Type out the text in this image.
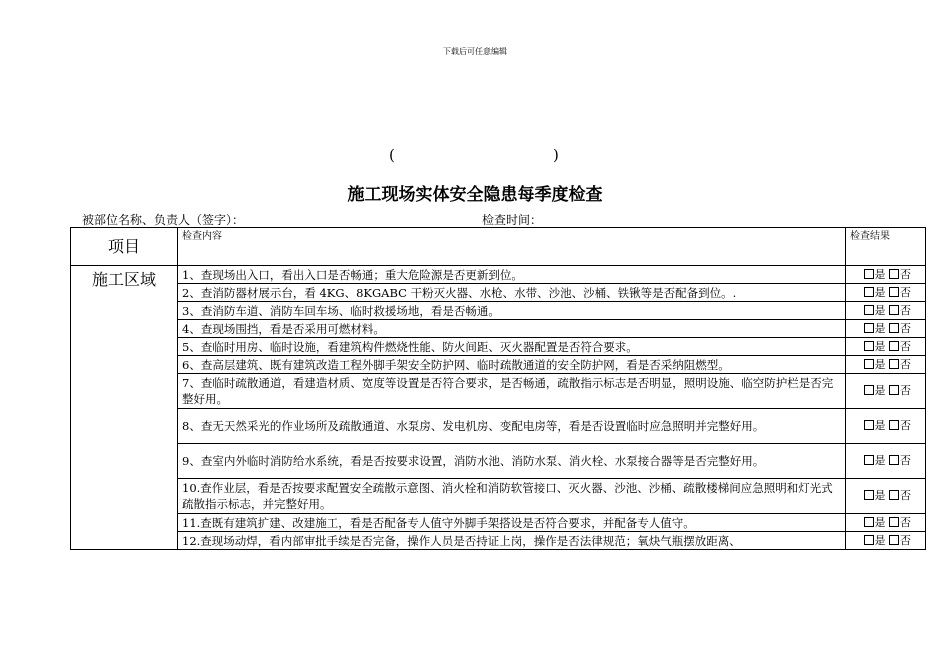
下载后可任意编辑
(	)
施工现场实体安全隐患每季度检查
被部位名称、负责人（签字）：	检查时间：
项目	检查内容	检查结果
施工区域	1、查现场出入口，看出入口是否畅通；重大危险源是否更新到位。	是 否
	2、查消防器材展示台，看 4KG、8KGABC 干粉灭火器、水枪、水带、沙池、沙桶、铁锹等是否配备到位。.	是 否
	3、查消防车道、消防车回车场、临时救援场地，看是否畅通。	是 否
	4、查现场围挡，看是否采用可燃材料。	是 否
	5、查临时用房、临时设施，看建筑构件燃烧性能、防火间距、灭火器配置是否符合要求。	是 否
	6、查高层建筑、既有建筑改造工程外脚手架安全防护网、临时疏散通道的安全防护网，看是否采纳阻燃型。	是 否
	7、查临时疏散通道，看建造材质、宽度等设置是否符合要求，是否畅通，疏散指示标志是否明显，照明设施、临空防护栏是否完整好用。	是 否
	8、查无天然采光的作业场所及疏散通道、水泵房、发电机房、变配电房等，看是否设置临时应急照明并完整好用。	是 否
	9、查室内外临时消防给水系统，看是否按要求设置，消防水池、消防水泵、消火栓、水泵接合器等是否完整好用。	是 否
	10.查作业层，看是否按要求配置安全疏散示意图、消火栓和消防软管接口、灭火器、沙池、沙桶、疏散楼梯间应急照明和灯光式疏散指示标志，并完整好用。	是 否
	11.查既有建筑扩建、改建施工，看是否配备专人值守外脚手架搭设是否符合要求，并配备专人值守。	是 否
	12.查现场动焊，看内部审批手续是否完备，操作人员是否持证上岗，操作是否法律规范；氧炔气瓶摆放距离、	是 否
